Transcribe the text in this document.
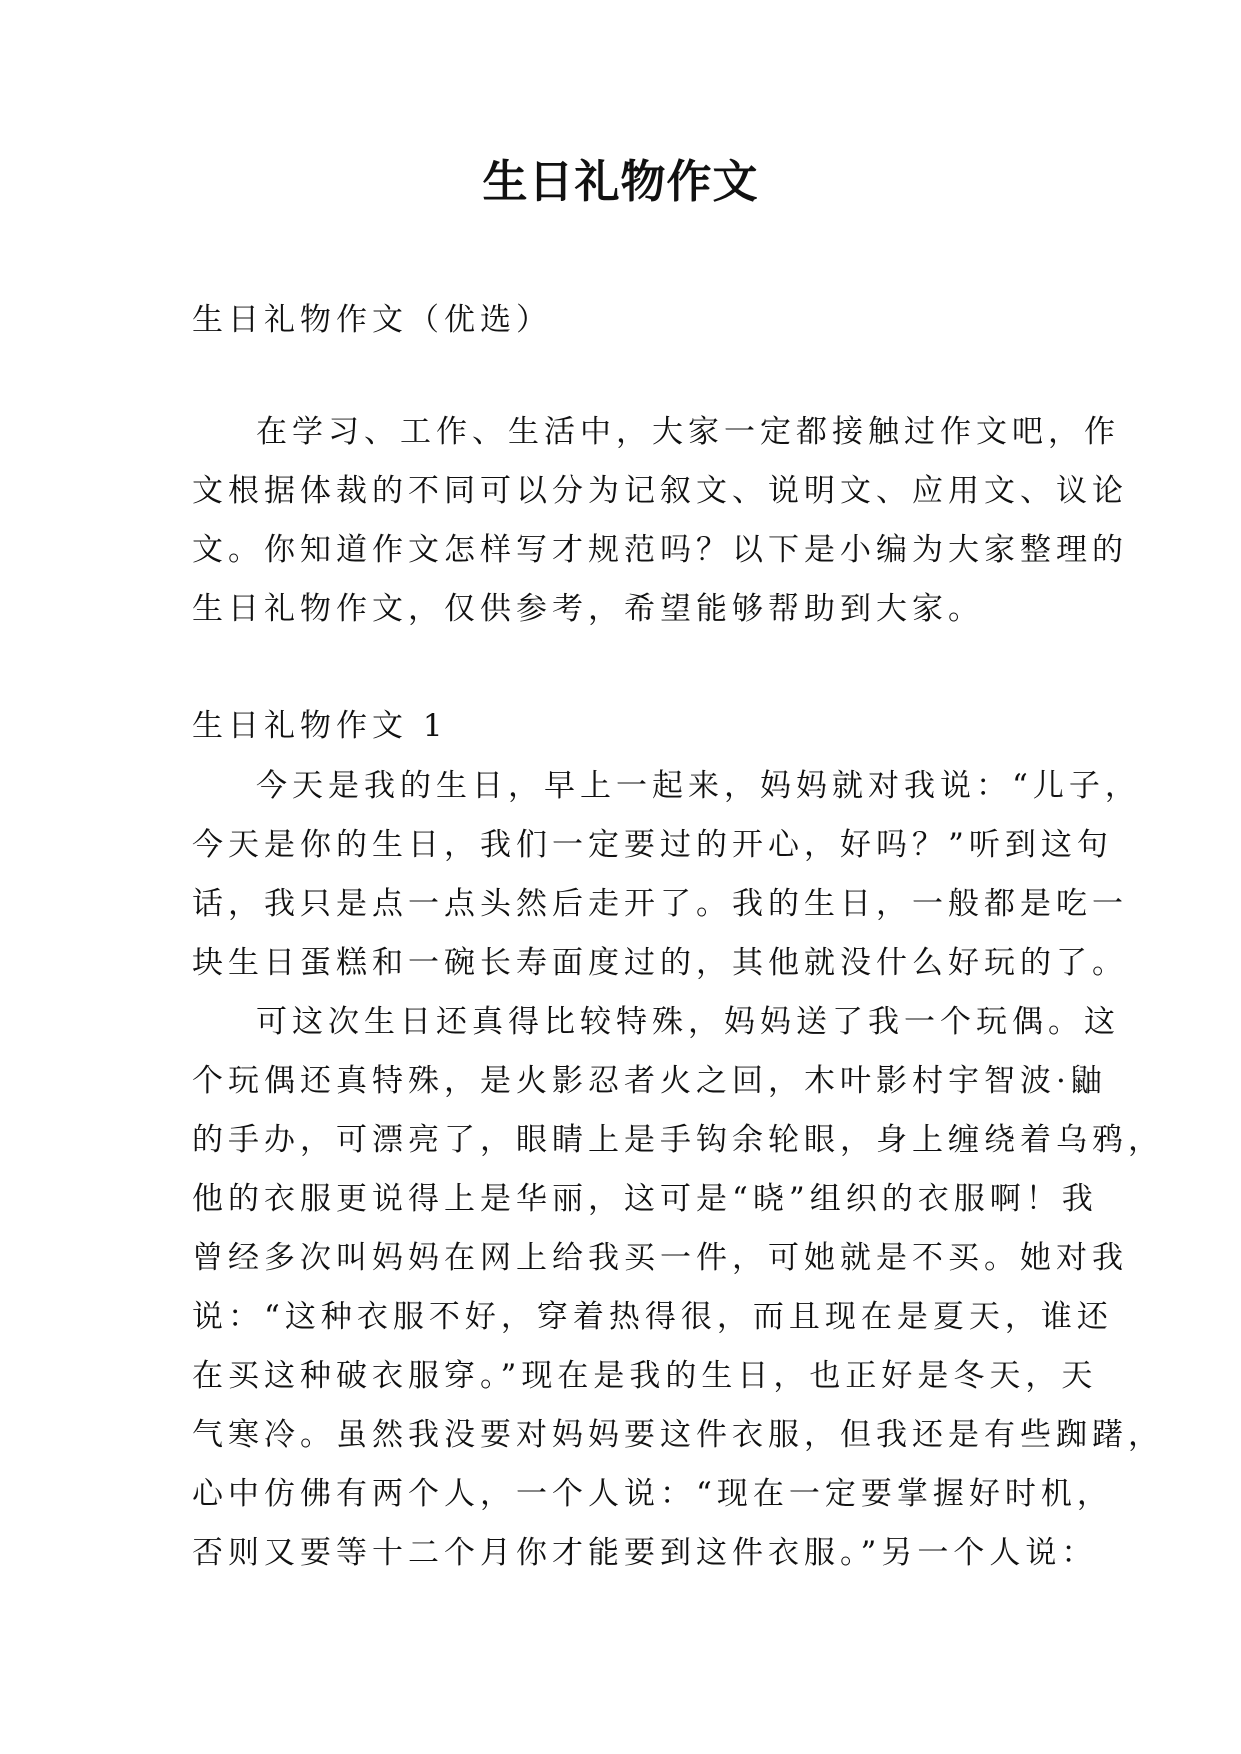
生日礼物作文

生日礼物作文（优选）

在学习、工作、生活中，大家一定都接触过作文吧，作
文根据体裁的不同可以分为记叙文、说明文、应用文、议论
文。你知道作文怎样写才规范吗？以下是小编为大家整理的
生日礼物作文，仅供参考，希望能够帮助到大家。

生日礼物作文 1

今天是我的生日，早上一起来，妈妈就对我说：“儿子，
今天是你的生日，我们一定要过的开心，好吗？”听到这句
话，我只是点一点头然后走开了。我的生日，一般都是吃一
块生日蛋糕和一碗长寿面度过的，其他就没什么好玩的了。
可这次生日还真得比较特殊，妈妈送了我一个玩偶。这
个玩偶还真特殊，是火影忍者火之回，木叶影村宇智波·鼬
的手办，可漂亮了，眼睛上是手钩余轮眼，身上缠绕着乌鸦，
他的衣服更说得上是华丽，这可是“晓”组织的衣服啊！我
曾经多次叫妈妈在网上给我买一件，可她就是不买。她对我
说：“这种衣服不好，穿着热得很，而且现在是夏天，谁还
在买这种破衣服穿。”现在是我的生日，也正好是冬天，天
气寒冷。虽然我没要对妈妈要这件衣服，但我还是有些踟躇，
心中仿佛有两个人，一个人说：“现在一定要掌握好时机，
否则又要等十二个月你才能要到这件衣服。”另一个人说：
